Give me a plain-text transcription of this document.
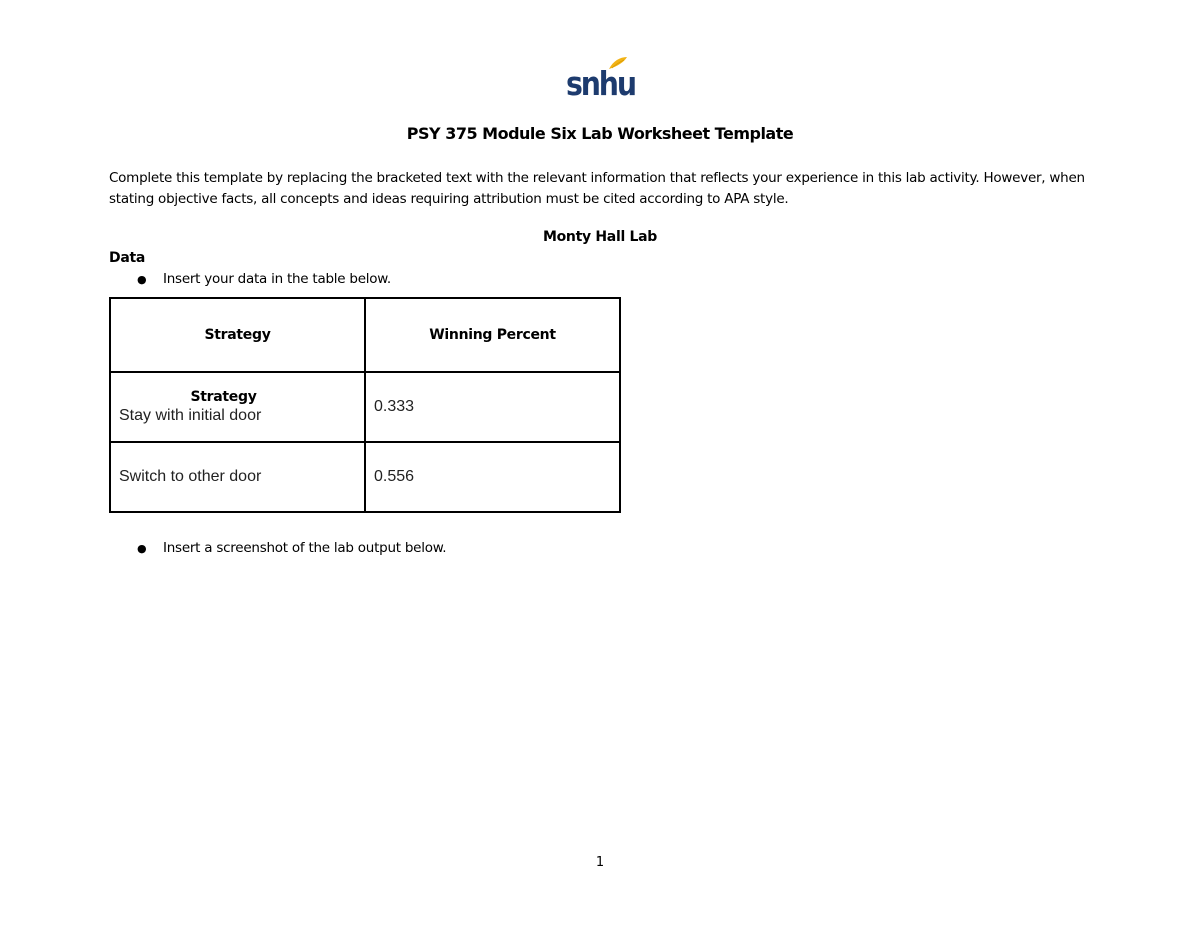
snhu
PSY 375 Module Six Lab Worksheet Template
Complete this template by replacing the bracketed text with the relevant information that reflects your experience in this lab activity. However, when stating objective facts, all concepts and ideas requiring attribution must be cited according to APA style.
Monty Hall Lab
Data
● Insert your data in the table below.
Strategy	Winning Percent

Strategy
Stay with initial door	0.333
Switch to other door	0.556
● Insert a screenshot of the lab output below.
1
